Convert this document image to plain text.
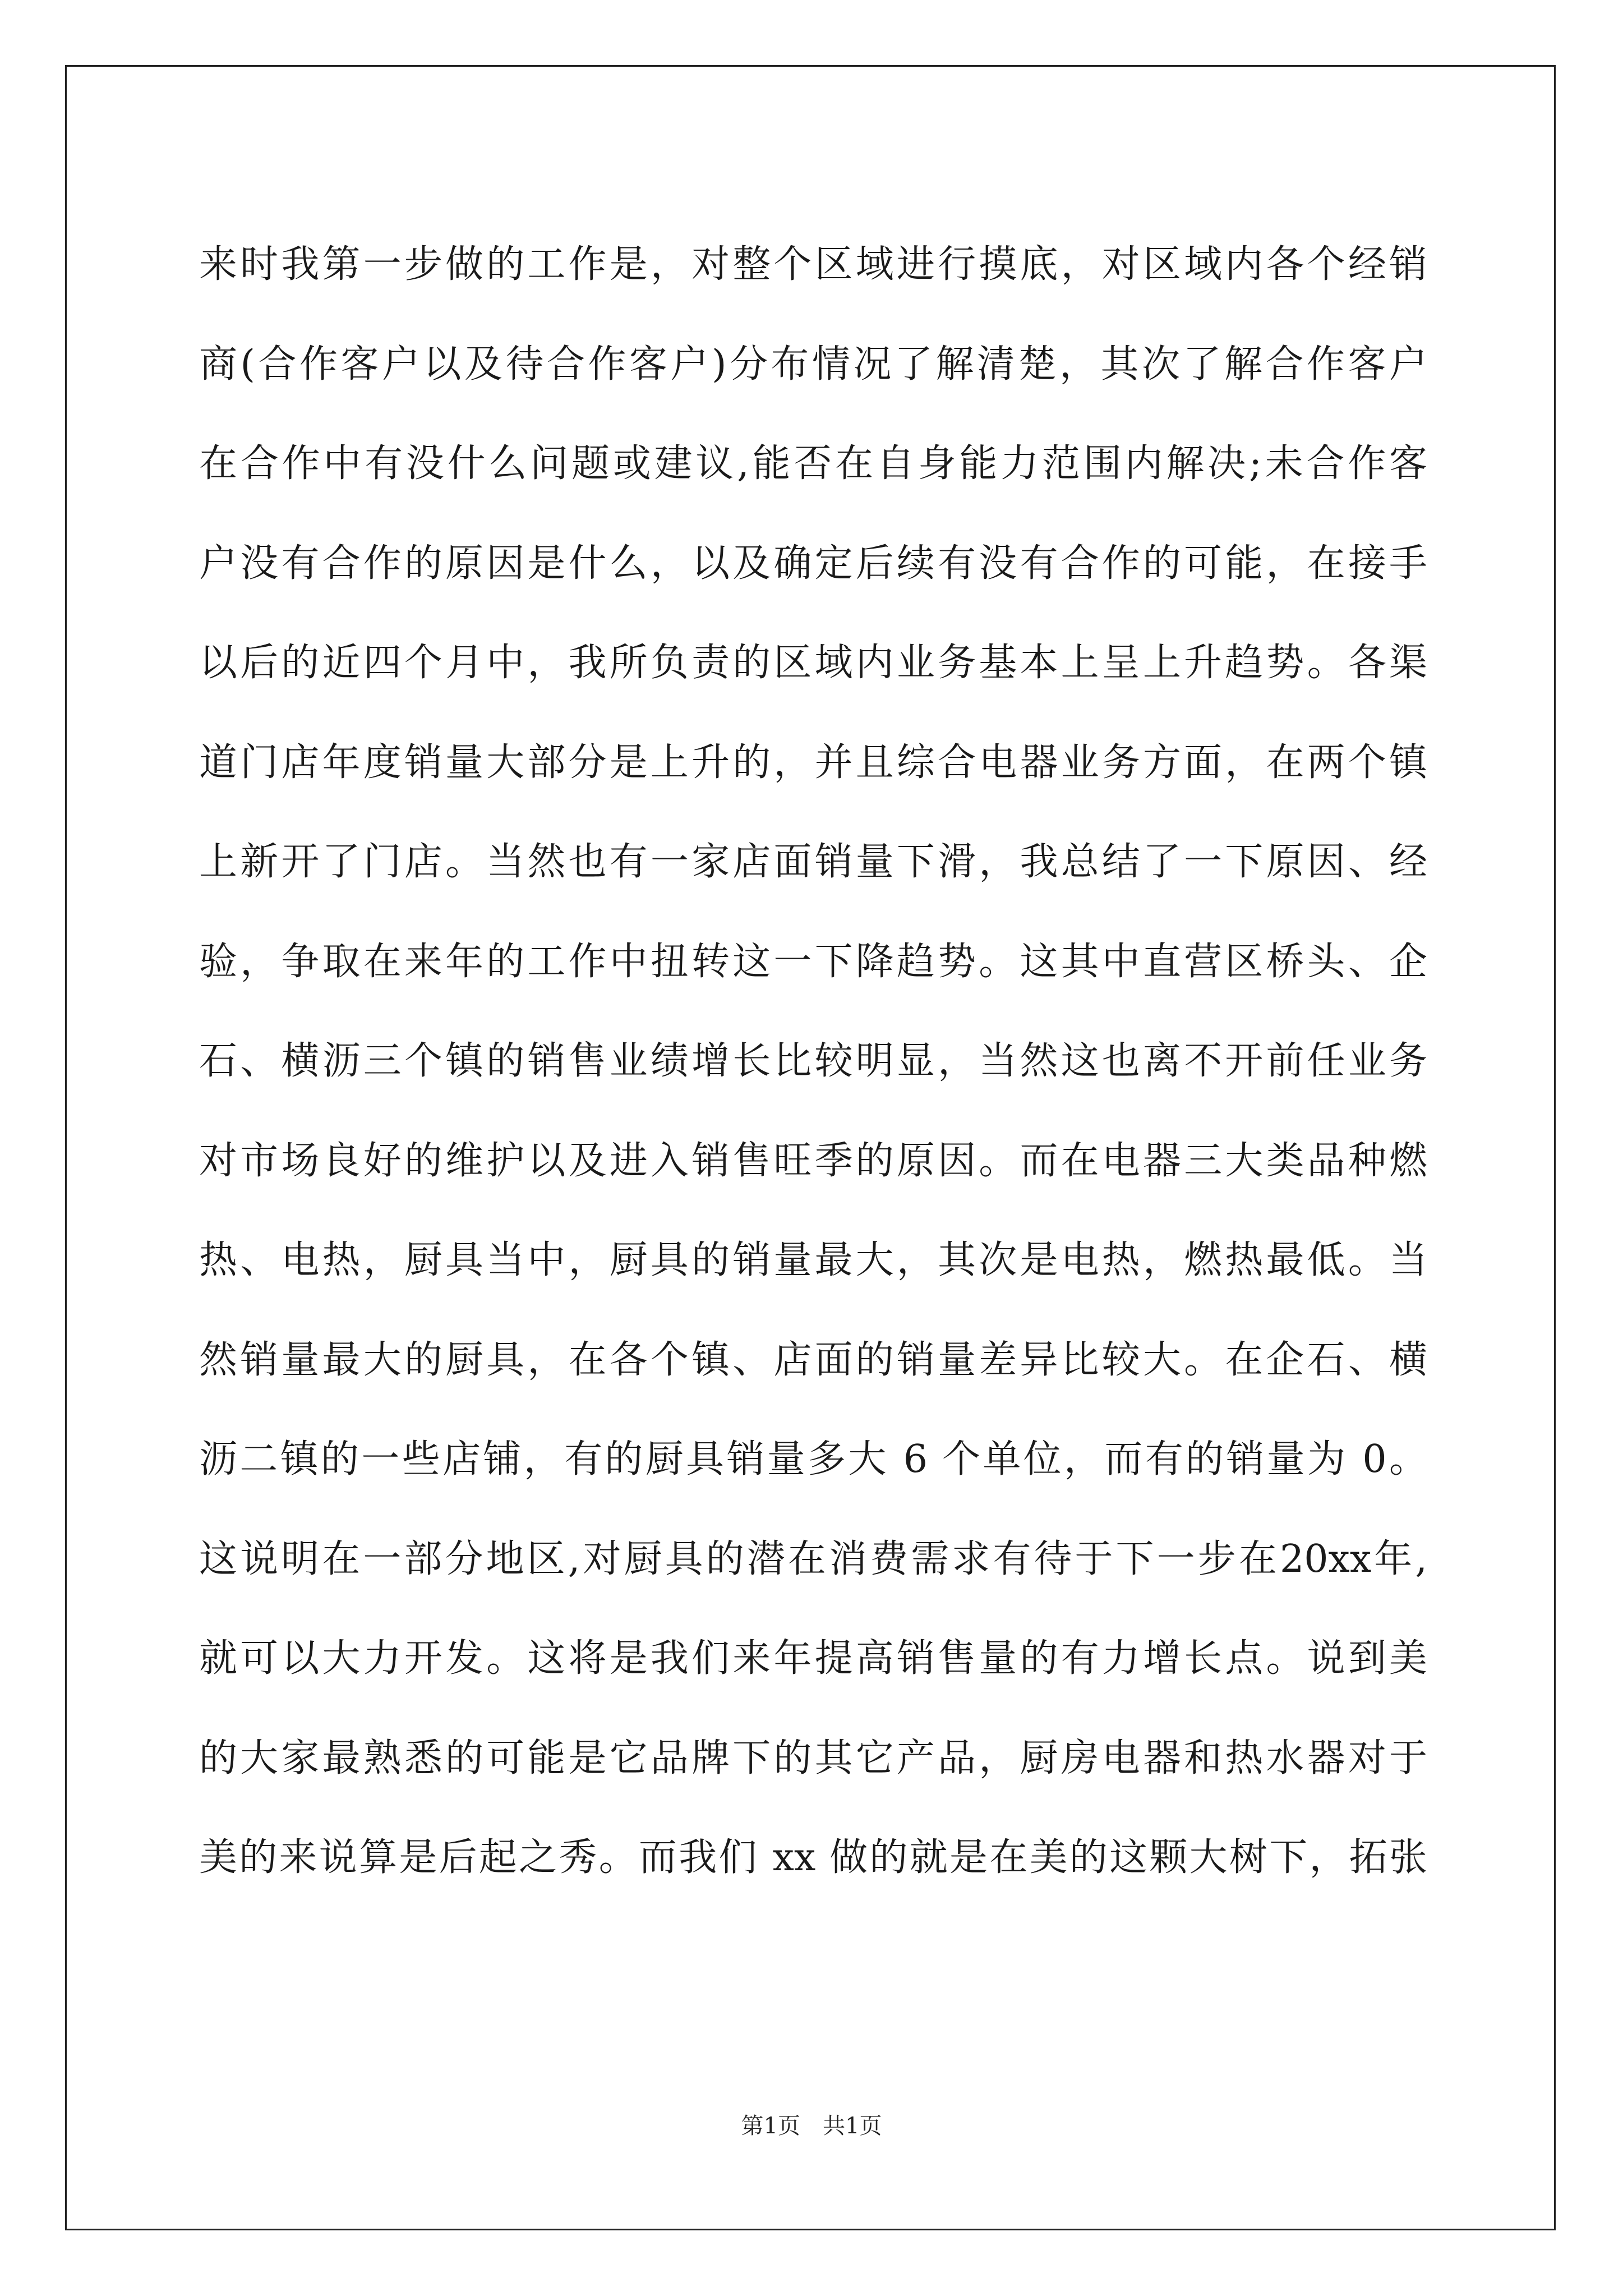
来时我第一步做的工作是，对整个区域进行摸底，对区域内各个经销
商(合作客户以及待合作客户)分布情况了解清楚，其次了解合作客户
在合作中有没什么问题或建议,能否在自身能力范围内解决;未合作客
户没有合作的原因是什么，以及确定后续有没有合作的可能，在接手
以后的近四个月中，我所负责的区域内业务基本上呈上升趋势。各渠
道门店年度销量大部分是上升的，并且综合电器业务方面，在两个镇
上新开了门店。当然也有一家店面销量下滑，我总结了一下原因、经
验，争取在来年的工作中扭转这一下降趋势。这其中直营区桥头、企
石、横沥三个镇的销售业绩增长比较明显，当然这也离不开前任业务
对市场良好的维护以及进入销售旺季的原因。而在电器三大类品种燃
热、电热，厨具当中，厨具的销量最大，其次是电热，燃热最低。当
然销量最大的厨具，在各个镇、店面的销量差异比较大。在企石、横
沥二镇的一些店铺，有的厨具销量多大 6 个单位，而有的销量为 0。
这说明在一部分地区,对厨具的潜在消费需求有待于下一步在20xx年,
就可以大力开发。这将是我们来年提高销售量的有力增长点。说到美
的大家最熟悉的可能是它品牌下的其它产品，厨房电器和热水器对于
美的来说算是后起之秀。而我们 xx 做的就是在美的这颗大树下，拓张
第1页　共1页
